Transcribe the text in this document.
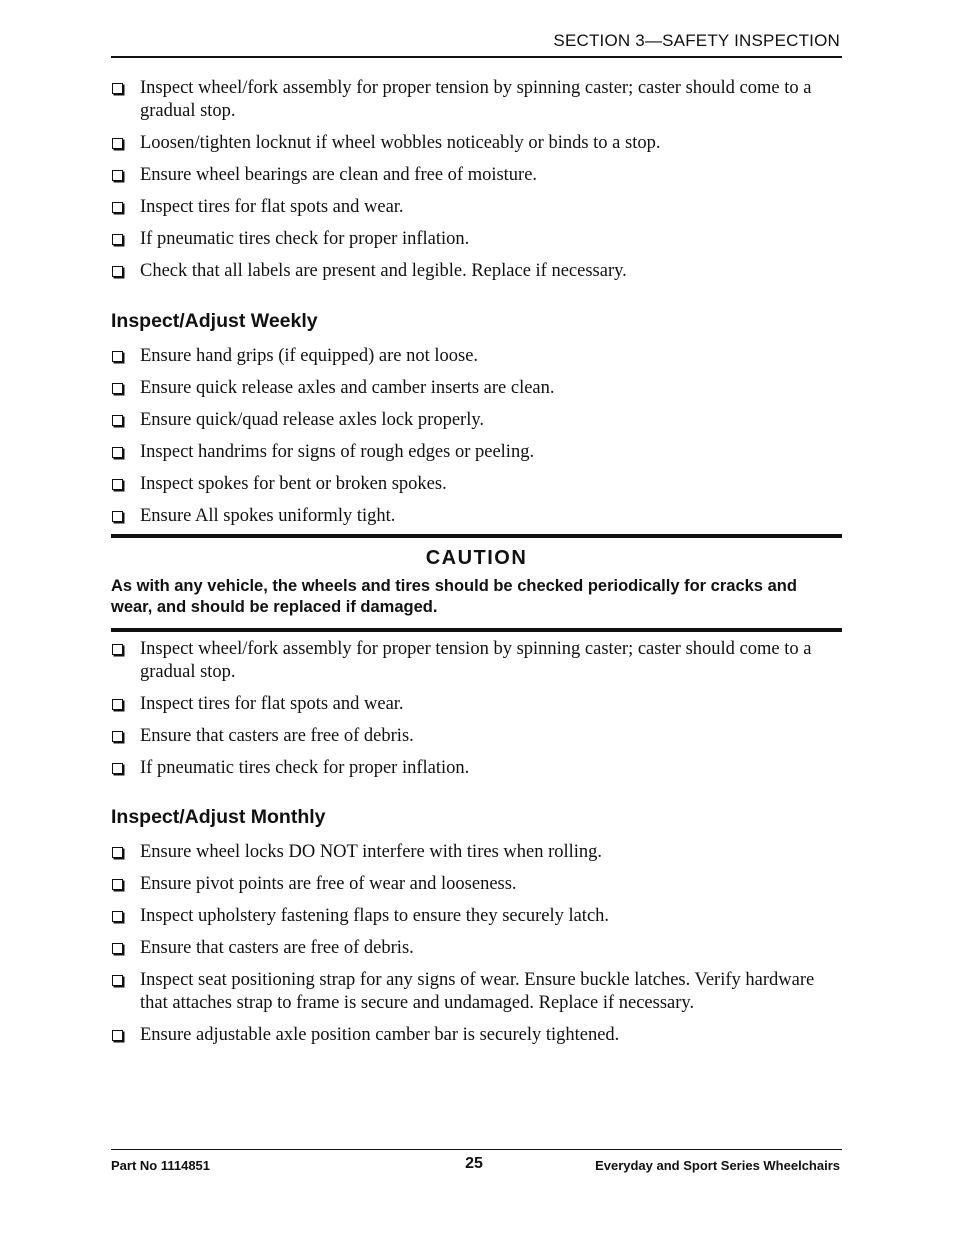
SECTION 3—SAFETY INSPECTION
Inspect wheel/fork assembly for proper tension by spinning caster; caster should come to a gradual stop.
Loosen/tighten locknut if wheel wobbles noticeably or binds to a stop.
Ensure wheel bearings are clean and free of moisture.
Inspect tires for flat spots and wear.
If pneumatic tires check for proper inflation.
Check that all labels are present and legible. Replace if necessary.
Inspect/Adjust Weekly
Ensure hand grips (if equipped) are not loose.
Ensure quick release axles and camber inserts are clean.
Ensure quick/quad release axles lock properly.
Inspect handrims for signs of rough edges or peeling.
Inspect spokes for bent or broken spokes.
Ensure All spokes uniformly tight.
CAUTION
As with any vehicle, the wheels and tires should be checked periodically for cracks and wear, and should be replaced if damaged.
Inspect wheel/fork assembly for proper tension by spinning caster; caster should come to a gradual stop.
Inspect tires for flat spots and wear.
Ensure that casters are free of debris.
If pneumatic tires check for proper inflation.
Inspect/Adjust Monthly
Ensure wheel locks DO NOT interfere with tires when rolling.
Ensure pivot points are free of wear and looseness.
Inspect upholstery fastening flaps to ensure they securely latch.
Ensure that casters are free of debris.
Inspect seat positioning strap for any signs of wear. Ensure buckle latches. Verify hardware that attaches strap to frame is secure and undamaged. Replace if necessary.
Ensure adjustable axle position camber bar is securely tightened.
Part No 1114851	25	Everyday and Sport Series Wheelchairs
